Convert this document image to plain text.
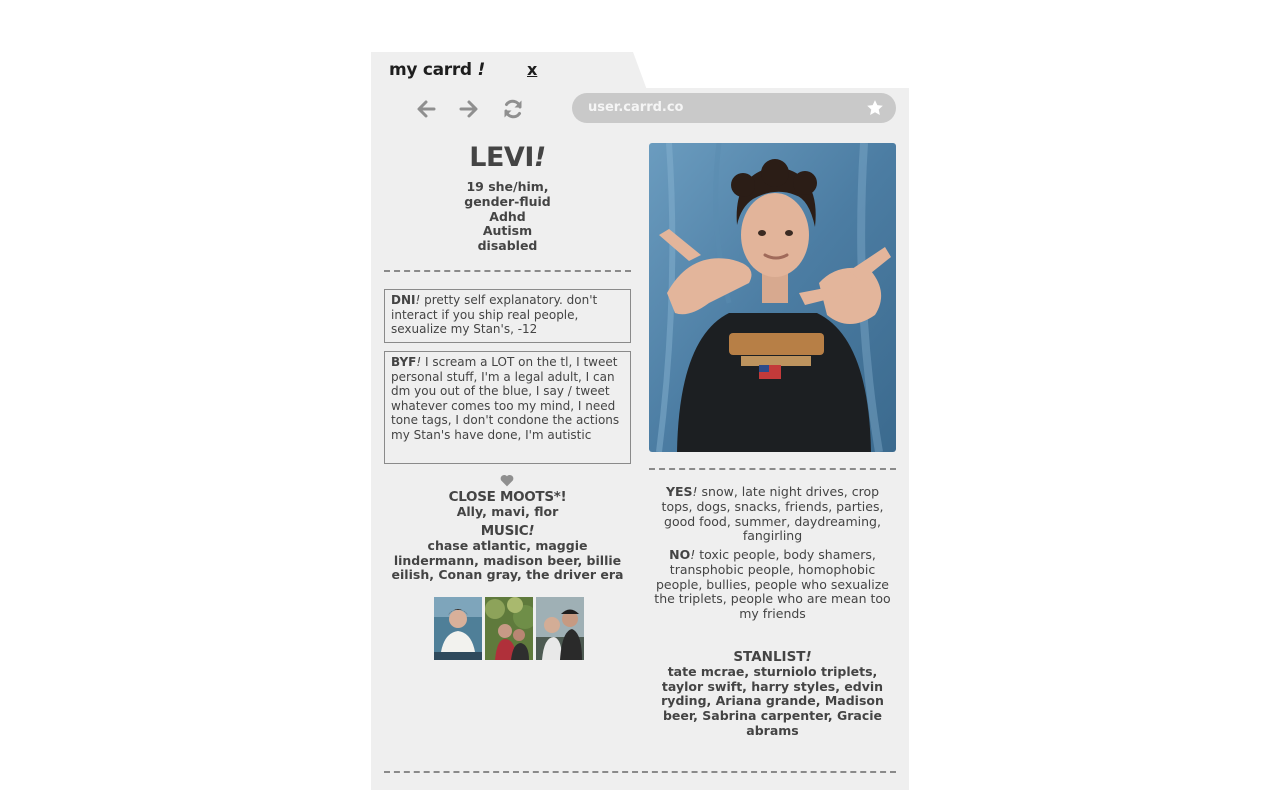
my carrd !	x
user.carrd.co
LEVI!
19 she/him,
gender-fluid
Adhd
Autism
disabled
DNI! pretty self explanatory. don't interact if you ship real people, sexualize my Stan's, -12
BYF! I scream a LOT on the tl, I tweet personal stuff, I'm a legal adult, I can dm you out of the blue, I say / tweet whatever comes too my mind, I need tone tags, I don't condone the actions my Stan's have done, I'm autistic
CLOSE MOOTS*!
Ally, mavi, flor
MUSIC!
chase atlantic, maggie lindermann, madison beer, billie eilish, Conan gray, the driver era
YES! snow, late night drives, crop tops, dogs, snacks, friends, parties, good food, summer, daydreaming, fangirling
NO! toxic people, body shamers, transphobic people, homophobic people, bullies, people who sexualize the triplets, people who are mean too my friends
STANLIST!
tate mcrae, sturniolo triplets, taylor swift, harry styles, edvin ryding, Ariana grande, Madison beer, Sabrina carpenter, Gracie abrams
